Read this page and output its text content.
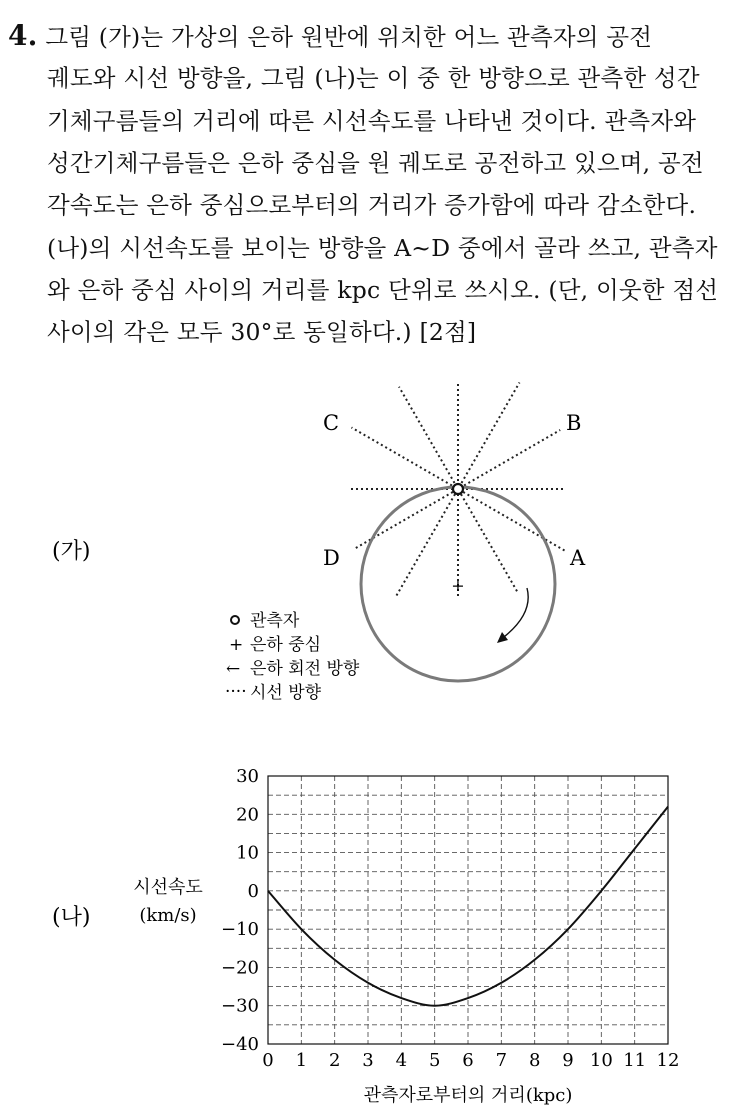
4. 그림 (가)는 가상의 은하 원반에 위치한 어느 관측자의 공전
궤도와 시선 방향을, 그림 (나)는 이 중 한 방향으로 관측한 성간
기체구름들의 거리에 따른 시선속도를 나타낸 것이다. 관측자와
성간기체구름들은 은하 중심을 원 궤도로 공전하고 있으며, 공전
각속도는 은하 중심으로부터의 거리가 증가함에 따라 감소한다.
(나)의 시선속도를 보이는 방향을 A~D 중에서 골라 쓰고, 관측자
와 은하 중심 사이의 거리를 kpc 단위로 쓰시오. (단, 이웃한 점선
사이의 각은 모두 30°로 동일하다.) [2점]
+
B
C
D	A
(가)
관측자
+ 은하 중심
← 은하 회전 방향
···· 시선 방향
30
20
10
0
−10
−20
−30
−40
0 1 2 3 4 5 6 7 8 9 10 11 12
(나)
시선속도
(km/s)
관측자로부터의 거리(kpc)
